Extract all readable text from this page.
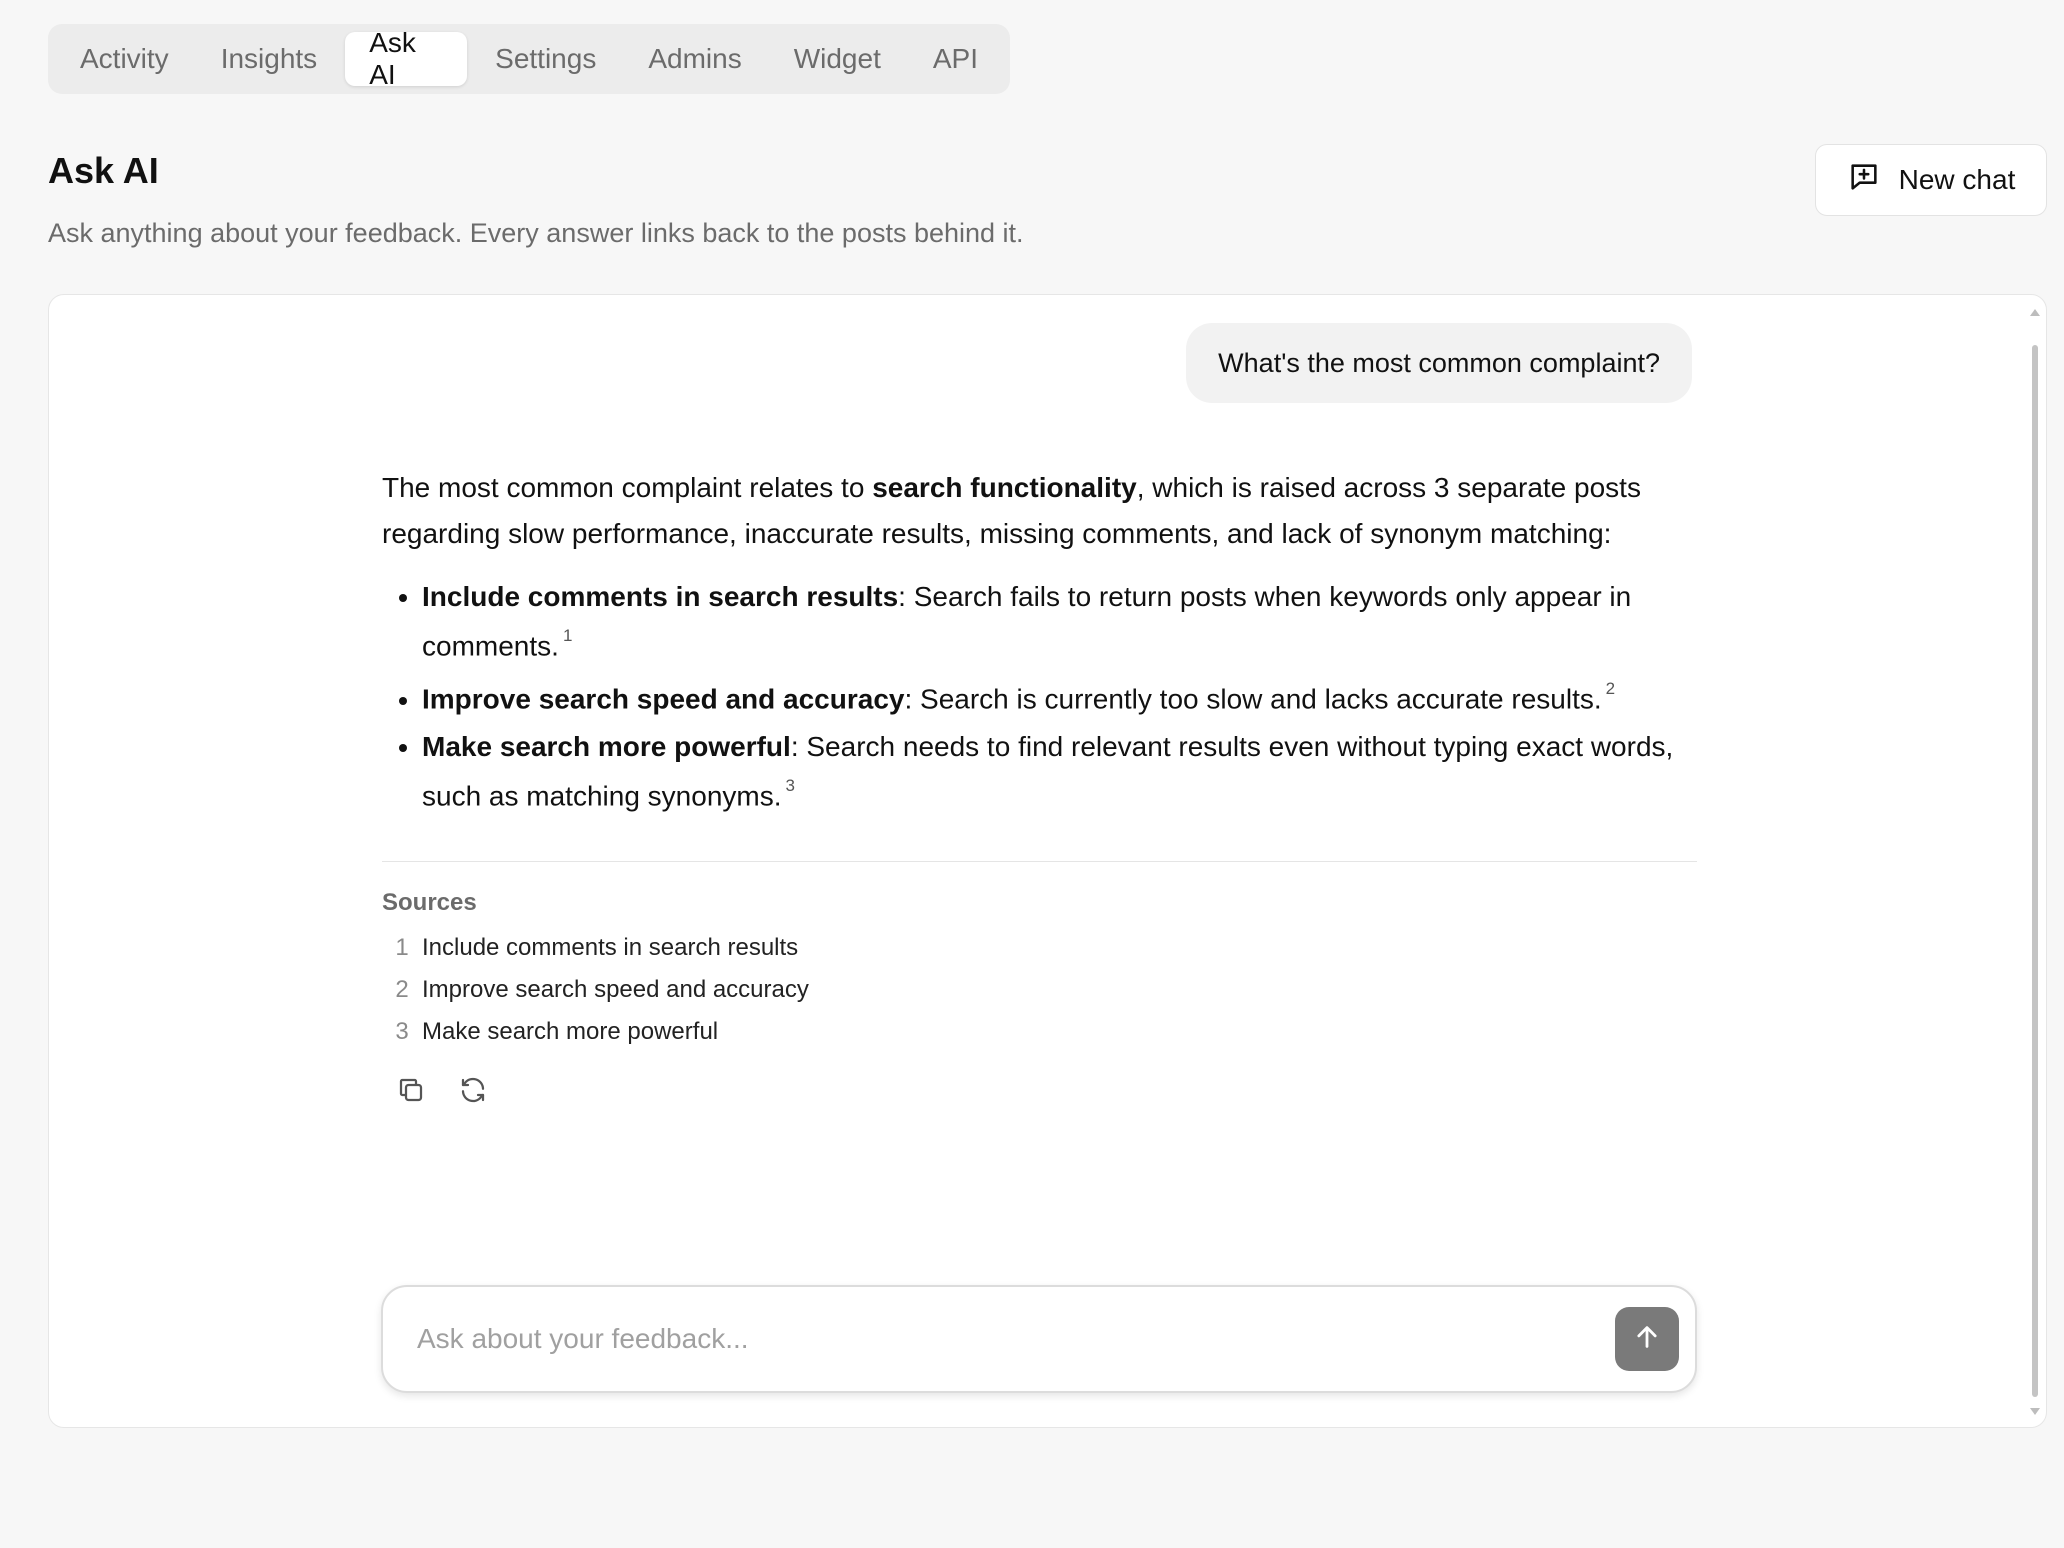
Activity	Insights
Ask AI
Settings	Admins	Widget	API
Ask AI

Ask anything about your feedback. Every answer links back to the posts behind it.

New chat
What's the most common complaint?

The most common complaint relates to search functionality, which is raised across 3 separate posts regarding slow performance, inaccurate results, missing comments, and lack of synonym matching:

• Include comments in search results: Search fails to return posts when keywords only appear in comments. $^1$
• Improve search speed and accuracy: Search is currently too slow and lacks accurate results. $^2$
• Make search more powerful: Search needs to find relevant results even without typing exact words, such as matching synonyms. $^3$
Sources
1 Include comments in search results
2 Improve search speed and accuracy
3 Make search more powerful
Ask about your feedback...
